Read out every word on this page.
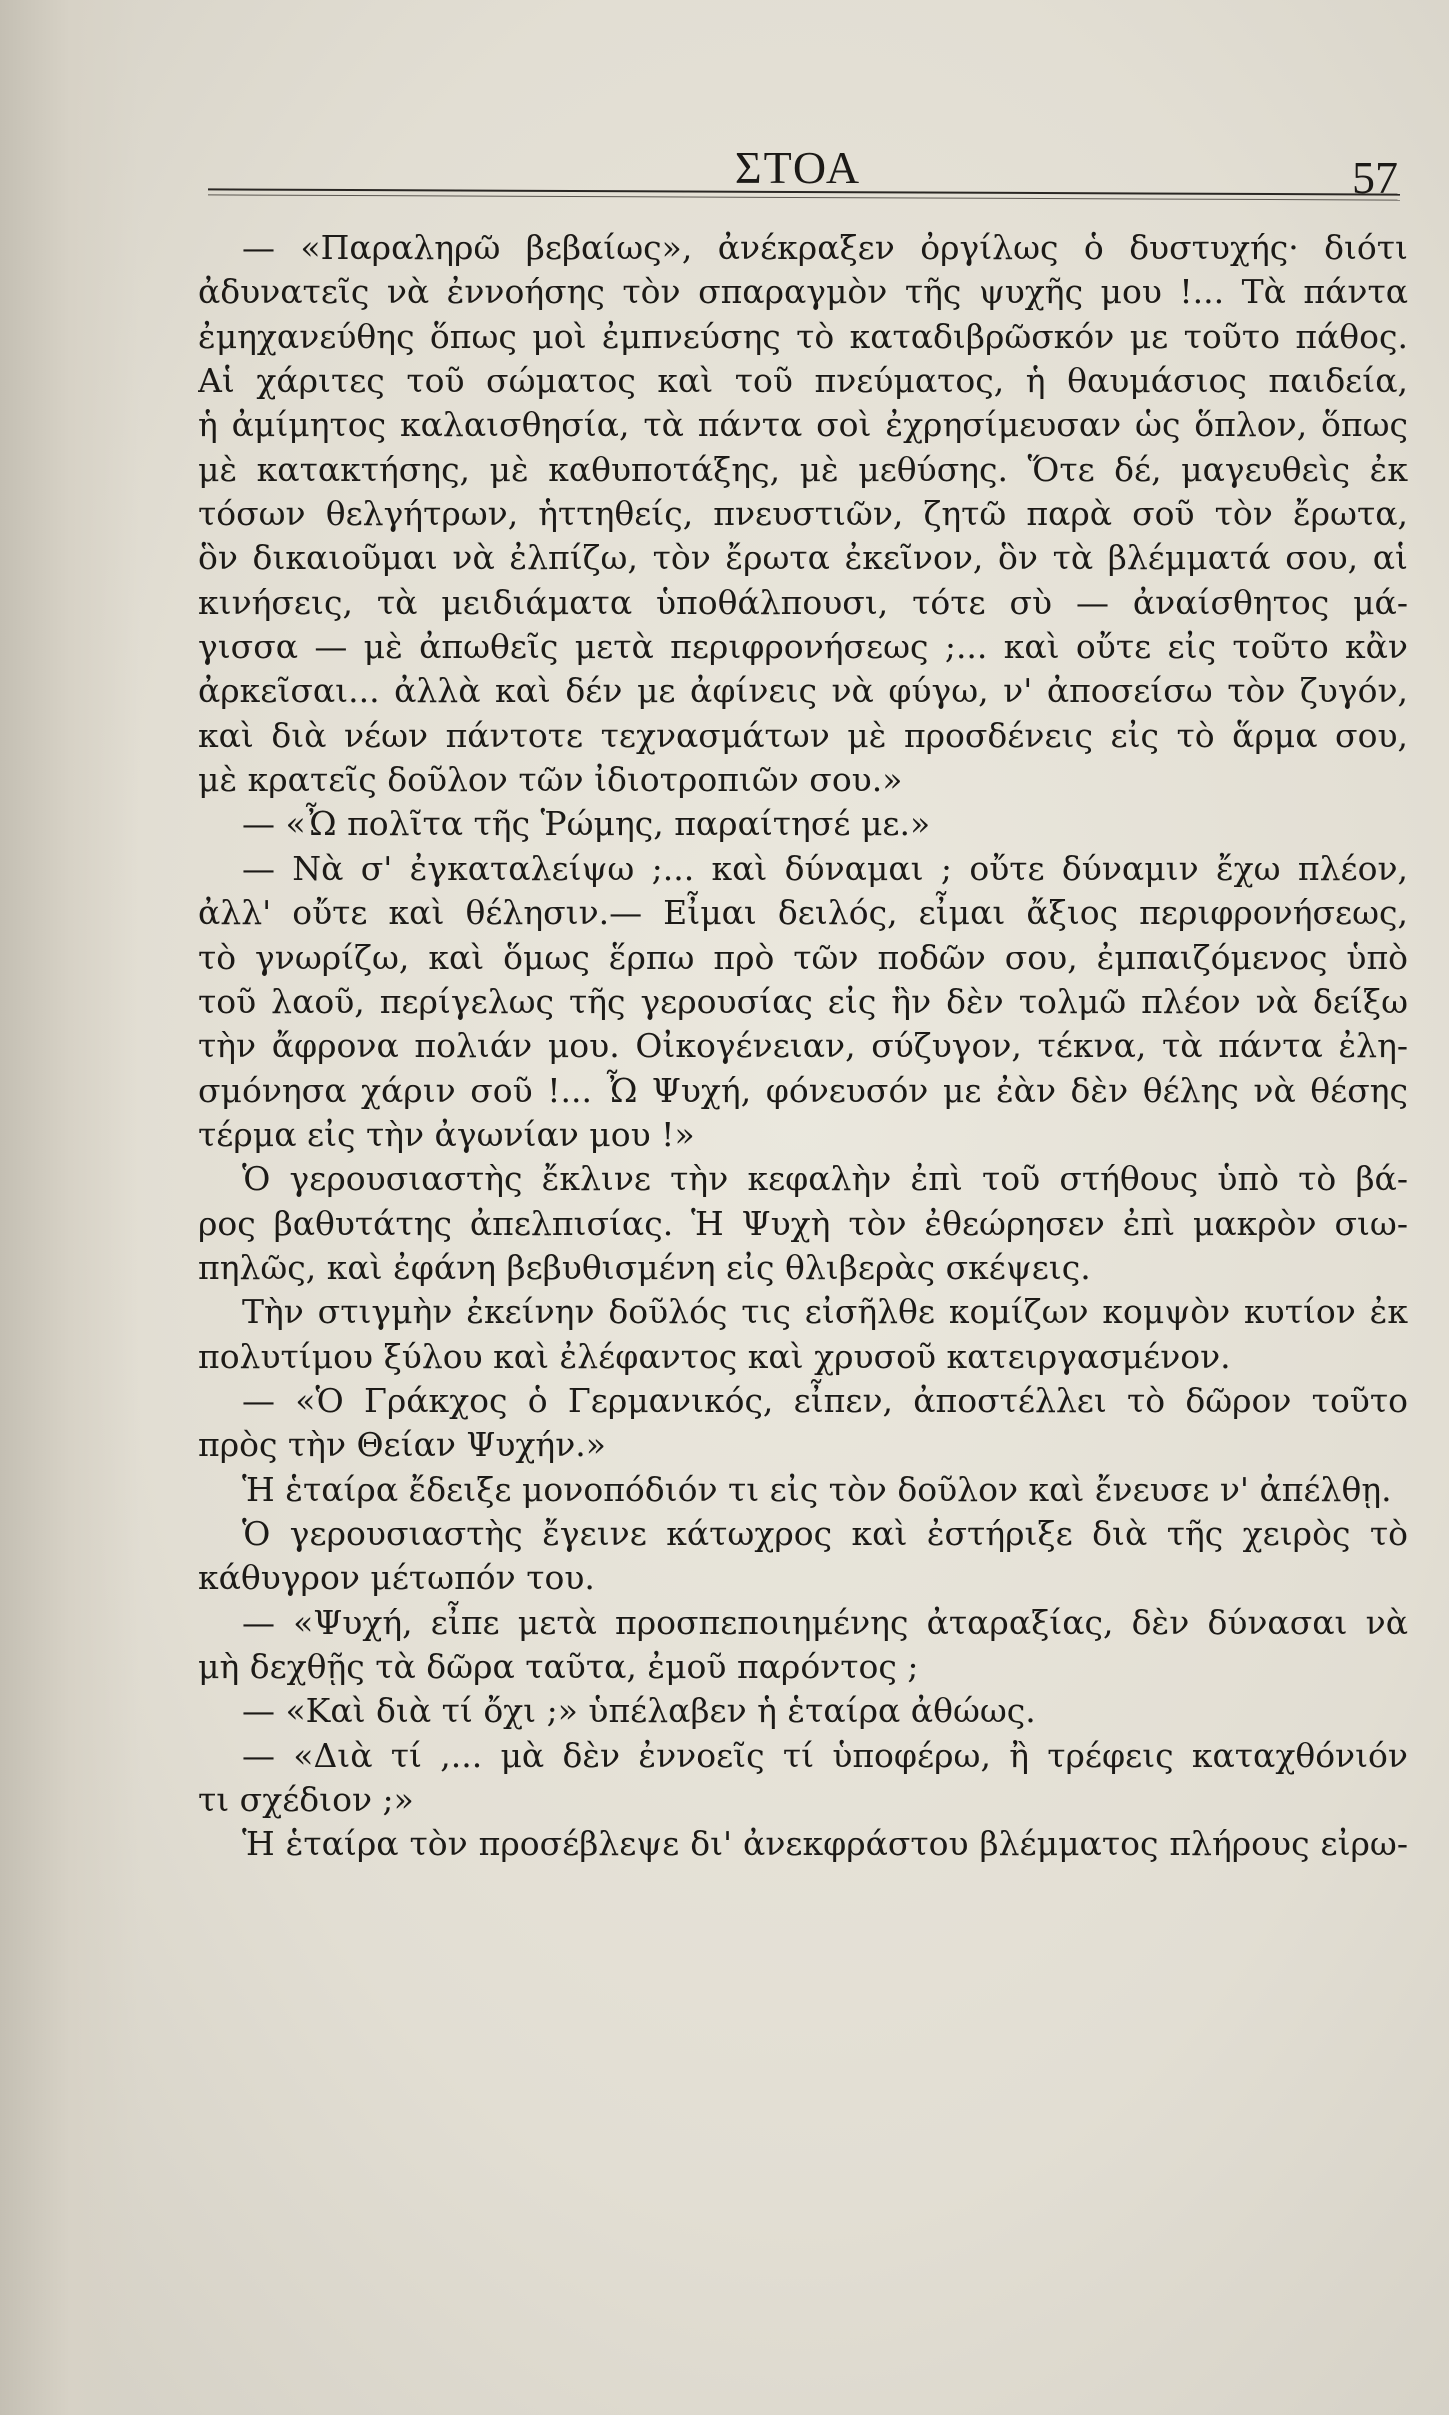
ΣΤΟΑ	57
— «Παραληρῶ βεβαίως», ἀνέκραξεν ὀργίλως ὁ δυστυχής· διότι
ἀδυνατεῖς νὰ ἐννοήσης τὸν σπαραγμὸν τῆς ψυχῆς μου !... Τὰ πάντα
ἐμηχανεύθης ὅπως μοὶ ἐμπνεύσης τὸ καταδιβρῶσκόν με τοῦτο πάθος.
Αἱ χάριτες τοῦ σώματος καὶ τοῦ πνεύματος, ἡ θαυμάσιος παιδεία,
ἡ ἀμίμητος καλαισθησία, τὰ πάντα σοὶ ἐχρησίμευσαν ὡς ὅπλον, ὅπως
μὲ κατακτήσης, μὲ καθυποτάξης, μὲ μεθύσης. Ὅτε δέ, μαγευθεὶς ἐκ
τόσων θελγήτρων, ἡττηθείς, πνευστιῶν, ζητῶ παρὰ σοῦ τὸν ἔρωτα,
ὃν δικαιοῦμαι νὰ ἐλπίζω, τὸν ἔρωτα ἐκεῖνον, ὃν τὰ βλέμματά σου, αἱ
κινήσεις, τὰ μειδιάματα ὑποθάλπουσι, τότε σὺ — ἀναίσθητος μά-
γισσα — μὲ ἀπωθεῖς μετὰ περιφρονήσεως ;... καὶ οὔτε εἰς τοῦτο κἂν
ἀρκεῖσαι... ἀλλὰ καὶ δέν με ἀφίνεις νὰ φύγω, ν' ἀποσείσω τὸν ζυγόν,
καὶ διὰ νέων πάντοτε τεχνασμάτων μὲ προσδένεις εἰς τὸ ἅρμα σου,
μὲ κρατεῖς δοῦλον τῶν ἰδιοτροπιῶν σου.»
— «Ὦ πολῖτα τῆς Ῥώμης, παραίτησέ με.»
— Νὰ σ' ἐγκαταλείψω ;... καὶ δύναμαι ; οὔτε δύναμιν ἔχω πλέον,
ἀλλ' οὔτε καὶ θέλησιν.— Εἶμαι δειλός, εἶμαι ἄξιος περιφρονήσεως,
τὸ γνωρίζω, καὶ ὅμως ἕρπω πρὸ τῶν ποδῶν σου, ἐμπαιζόμενος ὑπὸ
τοῦ λαοῦ, περίγελως τῆς γερουσίας εἰς ἣν δὲν τολμῶ πλέον νὰ δείξω
τὴν ἄφρονα πολιάν μου. Οἰκογένειαν, σύζυγον, τέκνα, τὰ πάντα ἐλη-
σμόνησα χάριν σοῦ !... Ὦ Ψυχή, φόνευσόν με ἐὰν δὲν θέλης νὰ θέσης
τέρμα εἰς τὴν ἀγωνίαν μου !»
Ὁ γερουσιαστὴς ἔκλινε τὴν κεφαλὴν ἐπὶ τοῦ στήθους ὑπὸ τὸ βά-
ρος βαθυτάτης ἀπελπισίας. Ἡ Ψυχὴ τὸν ἐθεώρησεν ἐπὶ μακρὸν σιω-
πηλῶς, καὶ ἐφάνη βεβυθισμένη εἰς θλιβερὰς σκέψεις.
Τὴν στιγμὴν ἐκείνην δοῦλός τις εἰσῆλθε κομίζων κομψὸν κυτίον ἐκ
πολυτίμου ξύλου καὶ ἐλέφαντος καὶ χρυσοῦ κατειργασμένον.
— «Ὁ Γράκχος ὁ Γερμανικός, εἶπεν, ἀποστέλλει τὸ δῶρον τοῦτο
πρὸς τὴν Θείαν Ψυχήν.»
Ἡ ἑταίρα ἔδειξε μονοπόδιόν τι εἰς τὸν δοῦλον καὶ ἔνευσε ν' ἀπέλθῃ.
Ὁ γερουσιαστὴς ἔγεινε κάτωχρος καὶ ἐστήριξε διὰ τῆς χειρὸς τὸ
κάθυγρον μέτωπόν του.
— «Ψυχή, εἶπε μετὰ προσπεποιημένης ἀταραξίας, δὲν δύνασαι νὰ
μὴ δεχθῇς τὰ δῶρα ταῦτα, ἐμοῦ παρόντος ;
— «Καὶ διὰ τί ὄχι ;» ὑπέλαβεν ἡ ἑταίρα ἀθώως.
— «Διὰ τί ,... μὰ δὲν ἐννοεῖς τί ὑποφέρω, ἢ τρέφεις καταχθόνιόν
τι σχέδιον ;»
Ἡ ἑταίρα τὸν προσέβλεψε δι' ἀνεκφράστου βλέμματος πλήρους εἰρω-
